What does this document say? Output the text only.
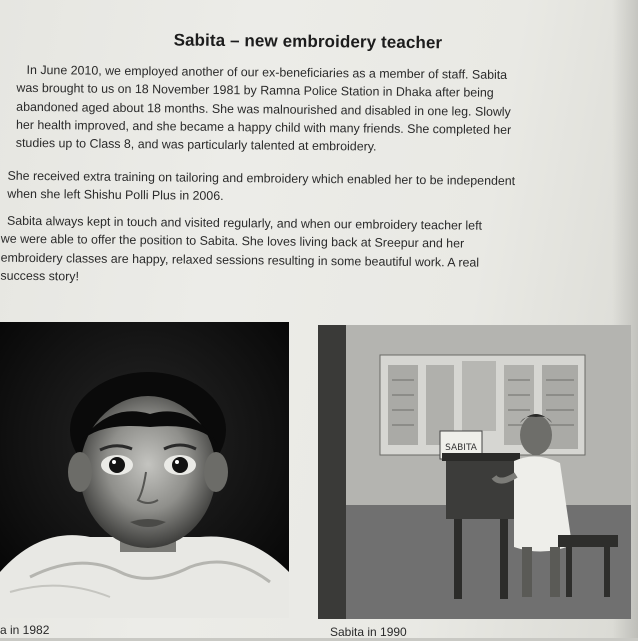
Sabita – new embroidery teacher

In June 2010, we employed another of our ex-beneficiaries as a member of staff. Sabita
was brought to us on 18 November 1981 by Ramna Police Station in Dhaka after being
abandoned aged about 18 months. She was malnourished and disabled in one leg. Slowly
her health improved, and she became a happy child with many friends. She completed her
studies up to Class 8, and was particularly talented at embroidery.

She received extra training on tailoring and embroidery which enabled her to be independent
when she left Shishu Polli Plus in 2006.

Sabita always kept in touch and visited regularly, and when our embroidery teacher left
we were able to offer the position to Sabita. She loves living back at Sreepur and her
embroidery classes are happy, relaxed sessions resulting in some beautiful work. A real
success story!

SABITA
a in 1982	Sabita in 1990
